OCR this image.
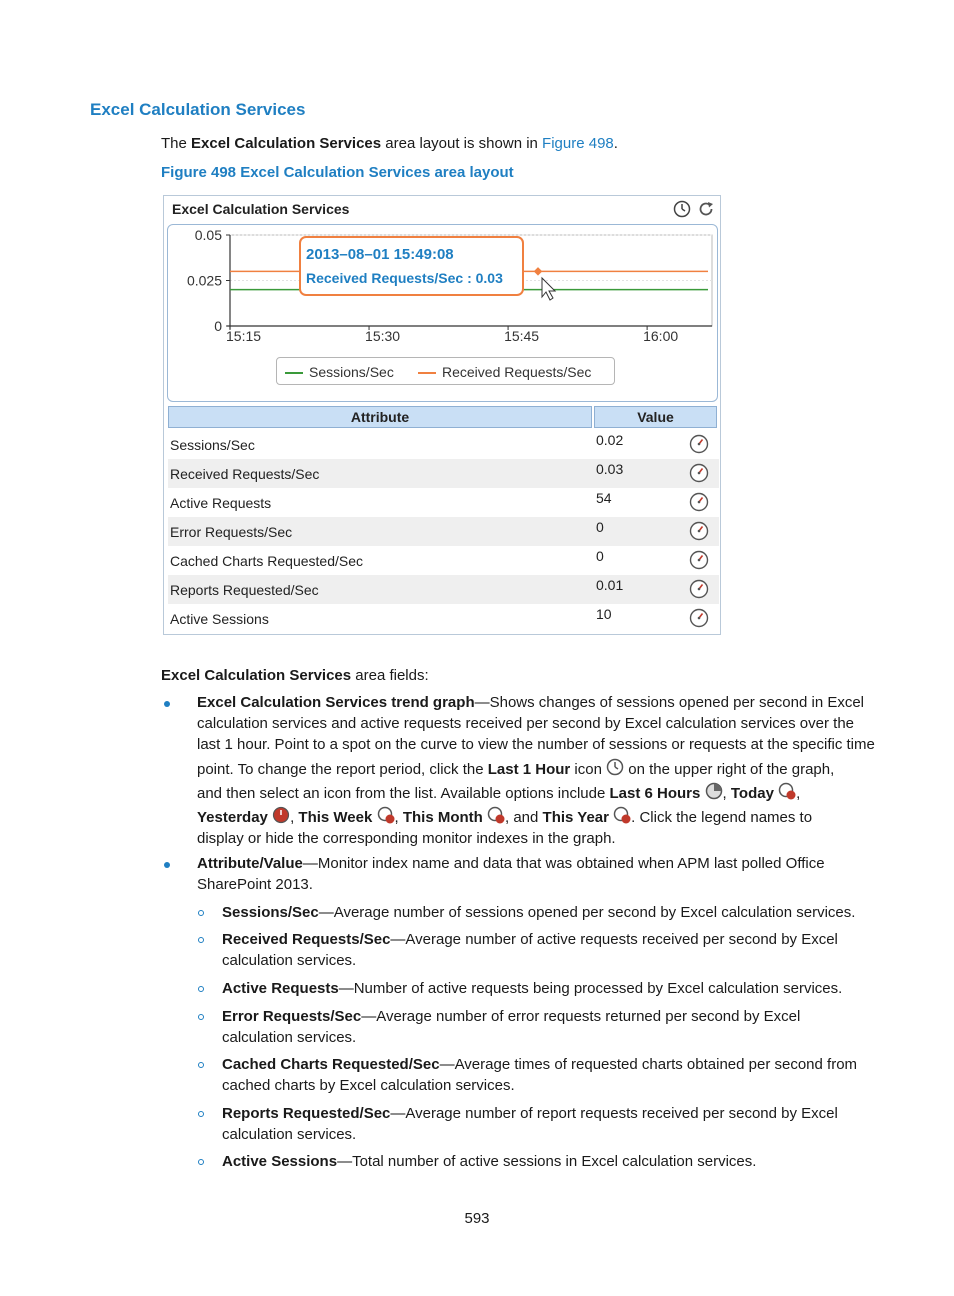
Excel Calculation Services
The Excel Calculation Services area layout is shown in Figure 498.
Figure 498 Excel Calculation Services area layout
Excel Calculation Services
0.05
0.025
0
15:15	15:30	15:45	16:00
2013–08–01 15:49:08
Received Requests/Sec : 0.03
Sessions/Sec	Received Requests/Sec
Attribute	Value
Sessions/Sec	0.02
Received Requests/Sec	0.03
Active Requests	54
Error Requests/Sec	0
Cached Charts Requested/Sec	0
Reports Requested/Sec	0.01
Active Sessions	10
Excel Calculation Services area fields:
Excel Calculation Services trend graph—Shows changes of sessions opened per second in Excel
calculation services and active requests received per second by Excel calculation services over the
last 1 hour. Point to a spot on the curve to view the number of sessions or requests at the specific time
point. To change the report period, click the Last 1 Hour icon  on the upper right of the graph,
and then select an icon from the list. Available options include Last 6 Hours , Today ,
Yesterday , This Week , This Month , and This Year . Click the legend names to
display or hide the corresponding monitor indexes in the graph.
Attribute/Value—Monitor index name and data that was obtained when APM last polled Office
SharePoint 2013.
Sessions/Sec—Average number of sessions opened per second by Excel calculation services.
Received Requests/Sec—Average number of active requests received per second by Excel
calculation services.
Active Requests—Number of active requests being processed by Excel calculation services.
Error Requests/Sec—Average number of error requests returned per second by Excel
calculation services.
Cached Charts Requested/Sec—Average times of requested charts obtained per second from
cached charts by Excel calculation services.
Reports Requested/Sec—Average number of report requests received per second by Excel
calculation services.
Active Sessions—Total number of active sessions in Excel calculation services.
593
